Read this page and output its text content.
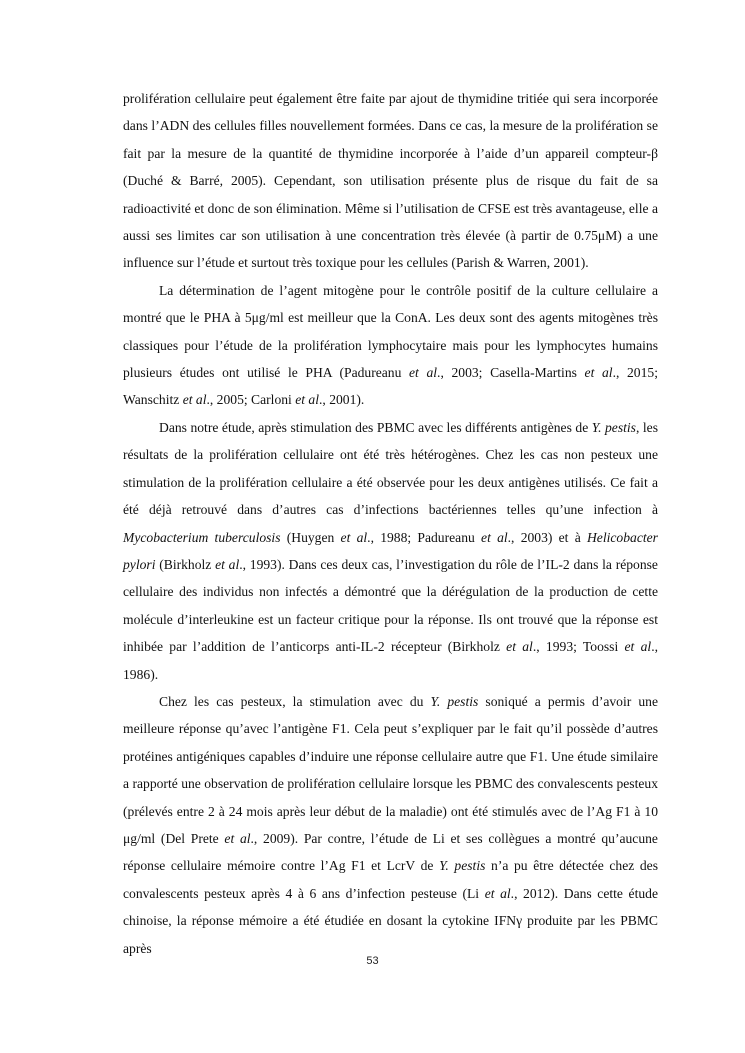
prolifération cellulaire peut également être faite par ajout de thymidine tritiée qui sera incorporée dans l’ADN des cellules filles nouvellement formées. Dans ce cas, la mesure de la prolifération se fait par la mesure de la quantité de thymidine incorporée à l’aide d’un appareil compteur-β (Duché & Barré, 2005). Cependant, son utilisation présente plus de risque du fait de sa radioactivité et donc de son élimination. Même si l’utilisation de CFSE est très avantageuse, elle a aussi ses limites car son utilisation à une concentration très élevée (à partir de 0.75μM) a une influence sur l’étude et surtout très toxique pour les cellules (Parish & Warren, 2001).

La détermination de l’agent mitogène pour le contrôle positif de la culture cellulaire a montré que le PHA à 5μg/ml est meilleur que la ConA. Les deux sont des agents mitogènes très classiques pour l’étude de la prolifération lymphocytaire mais pour les lymphocytes humains plusieurs études ont utilisé le PHA (Padureanu et al., 2003; Casella-Martins et al., 2015; Wanschitz et al., 2005; Carloni et al., 2001).

Dans notre étude, après stimulation des PBMC avec les différents antigènes de Y. pestis, les résultats de la prolifération cellulaire ont été très hétérogènes. Chez les cas non pesteux une stimulation de la prolifération cellulaire a été observée pour les deux antigènes utilisés. Ce fait a été déjà retrouvé dans d’autres cas d’infections bactériennes telles qu’une infection à Mycobacterium tuberculosis (Huygen et al., 1988; Padureanu et al., 2003) et à Helicobacter pylori (Birkholz et al., 1993). Dans ces deux cas, l’investigation du rôle de l’IL-2 dans la réponse cellulaire des individus non infectés a démontré que la dérégulation de la production de cette molécule d’interleukine est un facteur critique pour la réponse. Ils ont trouvé que la réponse est inhibée par l’addition de l’anticorps anti-IL-2 récepteur (Birkholz et al., 1993; Toossi et al., 1986).

Chez les cas pesteux, la stimulation avec du Y. pestis soniqué a permis d’avoir une meilleure réponse qu’avec l’antigène F1. Cela peut s’expliquer par le fait qu’il possède d’autres protéines antigéniques capables d’induire une réponse cellulaire autre que F1. Une étude similaire a rapporté une observation de prolifération cellulaire lorsque les PBMC des convalescents pesteux (prélevés entre 2 à 24 mois après leur début de la maladie) ont été stimulés avec de l’Ag F1 à 10 μg/ml (Del Prete et al., 2009). Par contre, l’étude de Li et ses collègues a montré qu’aucune réponse cellulaire mémoire contre l’Ag F1 et LcrV de Y. pestis n’a pu être détectée chez des convalescents pesteux après 4 à 6 ans d’infection pesteuse (Li et al., 2012). Dans cette étude chinoise, la réponse mémoire a été étudiée en dosant la cytokine IFNγ produite par les PBMC après

53
